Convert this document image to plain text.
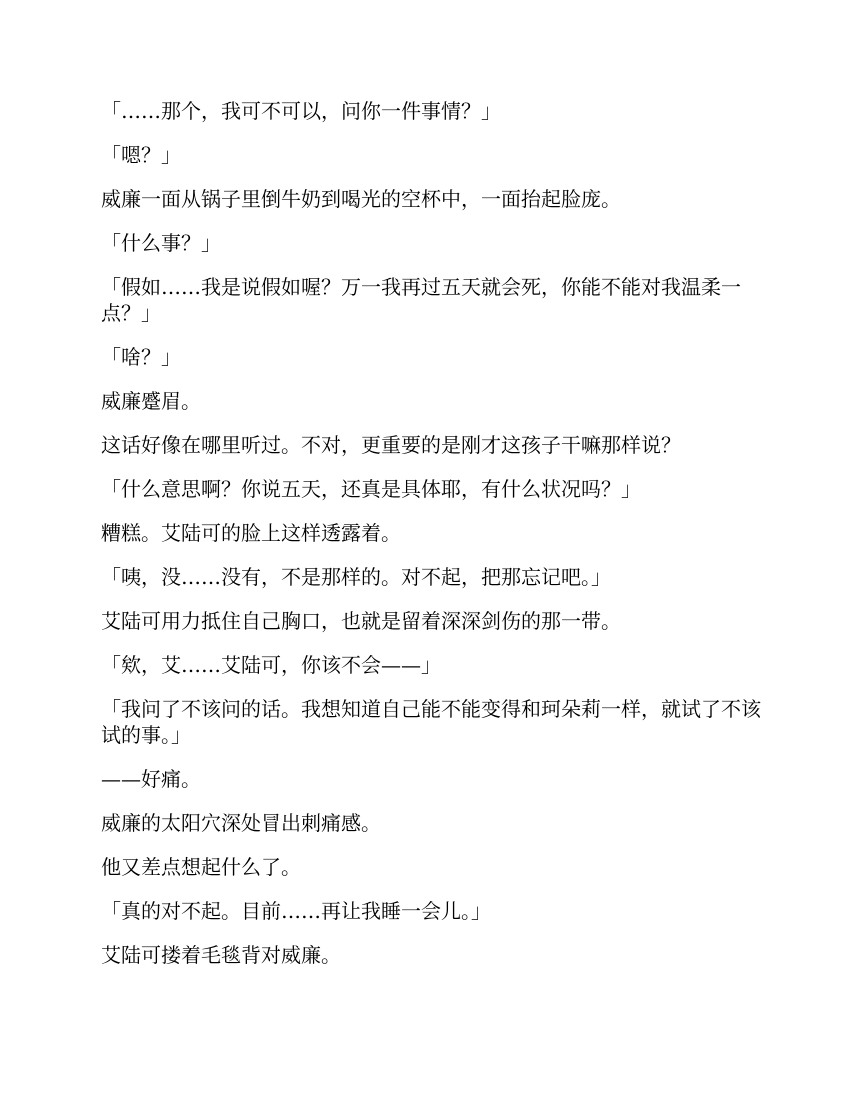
「……那个，我可不可以，问你一件事情？」

「嗯？」

威廉一面从锅子里倒牛奶到喝光的空杯中，一面抬起脸庞。

「什么事？」

「假如……我是说假如喔？万一我再过五天就会死，你能不能对我温柔一点？」

「啥？」

威廉蹙眉。

这话好像在哪里听过。不对，更重要的是刚才这孩子干嘛那样说？

「什么意思啊？你说五天，还真是具体耶，有什么状况吗？」

糟糕。艾陆可的脸上这样透露着。

「咦，没……没有，不是那样的。对不起，把那忘记吧。」

艾陆可用力抵住自己胸口，也就是留着深深剑伤的那一带。

「欸，艾……艾陆可，你该不会——」

「我问了不该问的话。我想知道自己能不能变得和珂朵莉一样，就试了不该试的事。」

——好痛。

威廉的太阳穴深处冒出刺痛感。

他又差点想起什么了。

「真的对不起。目前……再让我睡一会儿。」

艾陆可搂着毛毯背对威廉。
